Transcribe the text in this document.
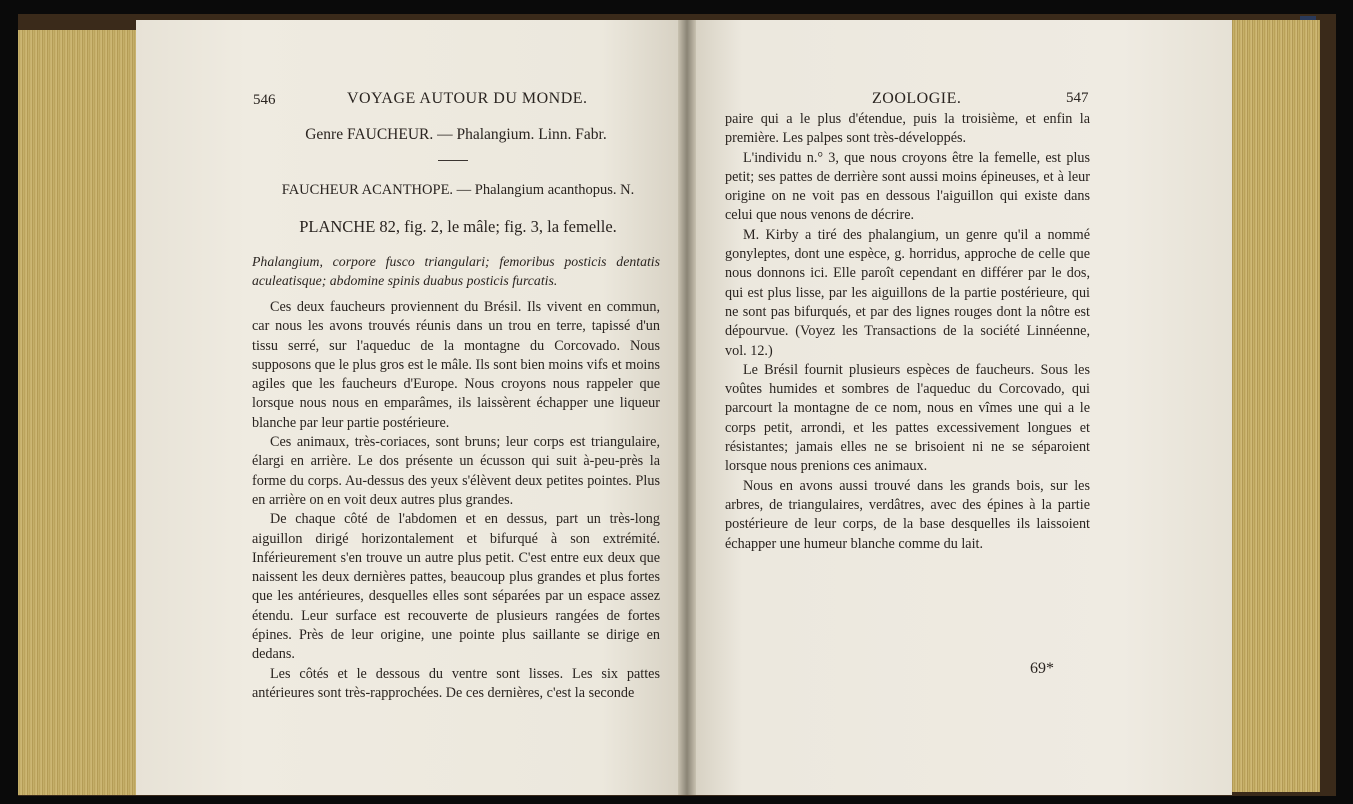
546	VOYAGE AUTOUR DU MONDE.
Genre FAUCHEUR. — Phalangium. Linn. Fabr.
FAUCHEUR ACANTHOPE. — Phalangium acanthopus. N.
PLANCHE 82, fig. 2, le mâle; fig. 3, la femelle.
Phalangium, corpore fusco triangulari; femoribus posticis dentatis aculeatisque; abdomine spinis duabus posticis furcatis.

Ces deux faucheurs proviennent du Brésil. Ils vivent en commun, car nous les avons trouvés réunis dans un trou en terre, tapissé d'un tissu serré, sur l'aqueduc de la montagne du Corcovado. Nous supposons que le plus gros est le mâle. Ils sont bien moins vifs et moins agiles que les faucheurs d'Europe. Nous croyons nous rappeler que lorsque nous nous en emparâmes, ils laissèrent échapper une liqueur blanche par leur partie postérieure.

Ces animaux, très-coriaces, sont bruns; leur corps est triangulaire, élargi en arrière. Le dos présente un écusson qui suit à-peu-près la forme du corps. Au-dessus des yeux s'élèvent deux petites pointes. Plus en arrière on en voit deux autres plus grandes.

De chaque côté de l'abdomen et en dessus, part un très-long aiguillon dirigé horizontalement et bifurqué à son extrémité. Inférieurement s'en trouve un autre plus petit. C'est entre eux deux que naissent les deux dernières pattes, beaucoup plus grandes et plus fortes que les antérieures, desquelles elles sont séparées par un espace assez étendu. Leur surface est recouverte de plusieurs rangées de fortes épines. Près de leur origine, une pointe plus saillante se dirige en dedans.

Les côtés et le dessous du ventre sont lisses. Les six pattes antérieures sont très-rapprochées. De ces dernières, c'est la seconde

ZOOLOGIE.	547

paire qui a le plus d'étendue, puis la troisième, et enfin la première. Les palpes sont très-développés.

L'individu n.° 3, que nous croyons être la femelle, est plus petit; ses pattes de derrière sont aussi moins épineuses, et à leur origine on ne voit pas en dessous l'aiguillon qui existe dans celui que nous venons de décrire.

M. Kirby a tiré des phalangium, un genre qu'il a nommé gonyleptes, dont une espèce, g. horridus, approche de celle que nous donnons ici. Elle paroît cependant en différer par le dos, qui est plus lisse, par les aiguillons de la partie postérieure, qui ne sont pas bifurqués, et par des lignes rouges dont la nôtre est dépourvue. (Voyez les Transactions de la société Linnéenne, vol. 12.)

Le Brésil fournit plusieurs espèces de faucheurs. Sous les voûtes humides et sombres de l'aqueduc du Corcovado, qui parcourt la montagne de ce nom, nous en vîmes une qui a le corps petit, arrondi, et les pattes excessivement longues et résistantes; jamais elles ne se brisoient ni ne se séparoient lorsque nous prenions ces animaux.

Nous en avons aussi trouvé dans les grands bois, sur les arbres, de triangulaires, verdâtres, avec des épines à la partie postérieure de leur corps, de la base desquelles ils laissoient échapper une humeur blanche comme du lait.

69*
